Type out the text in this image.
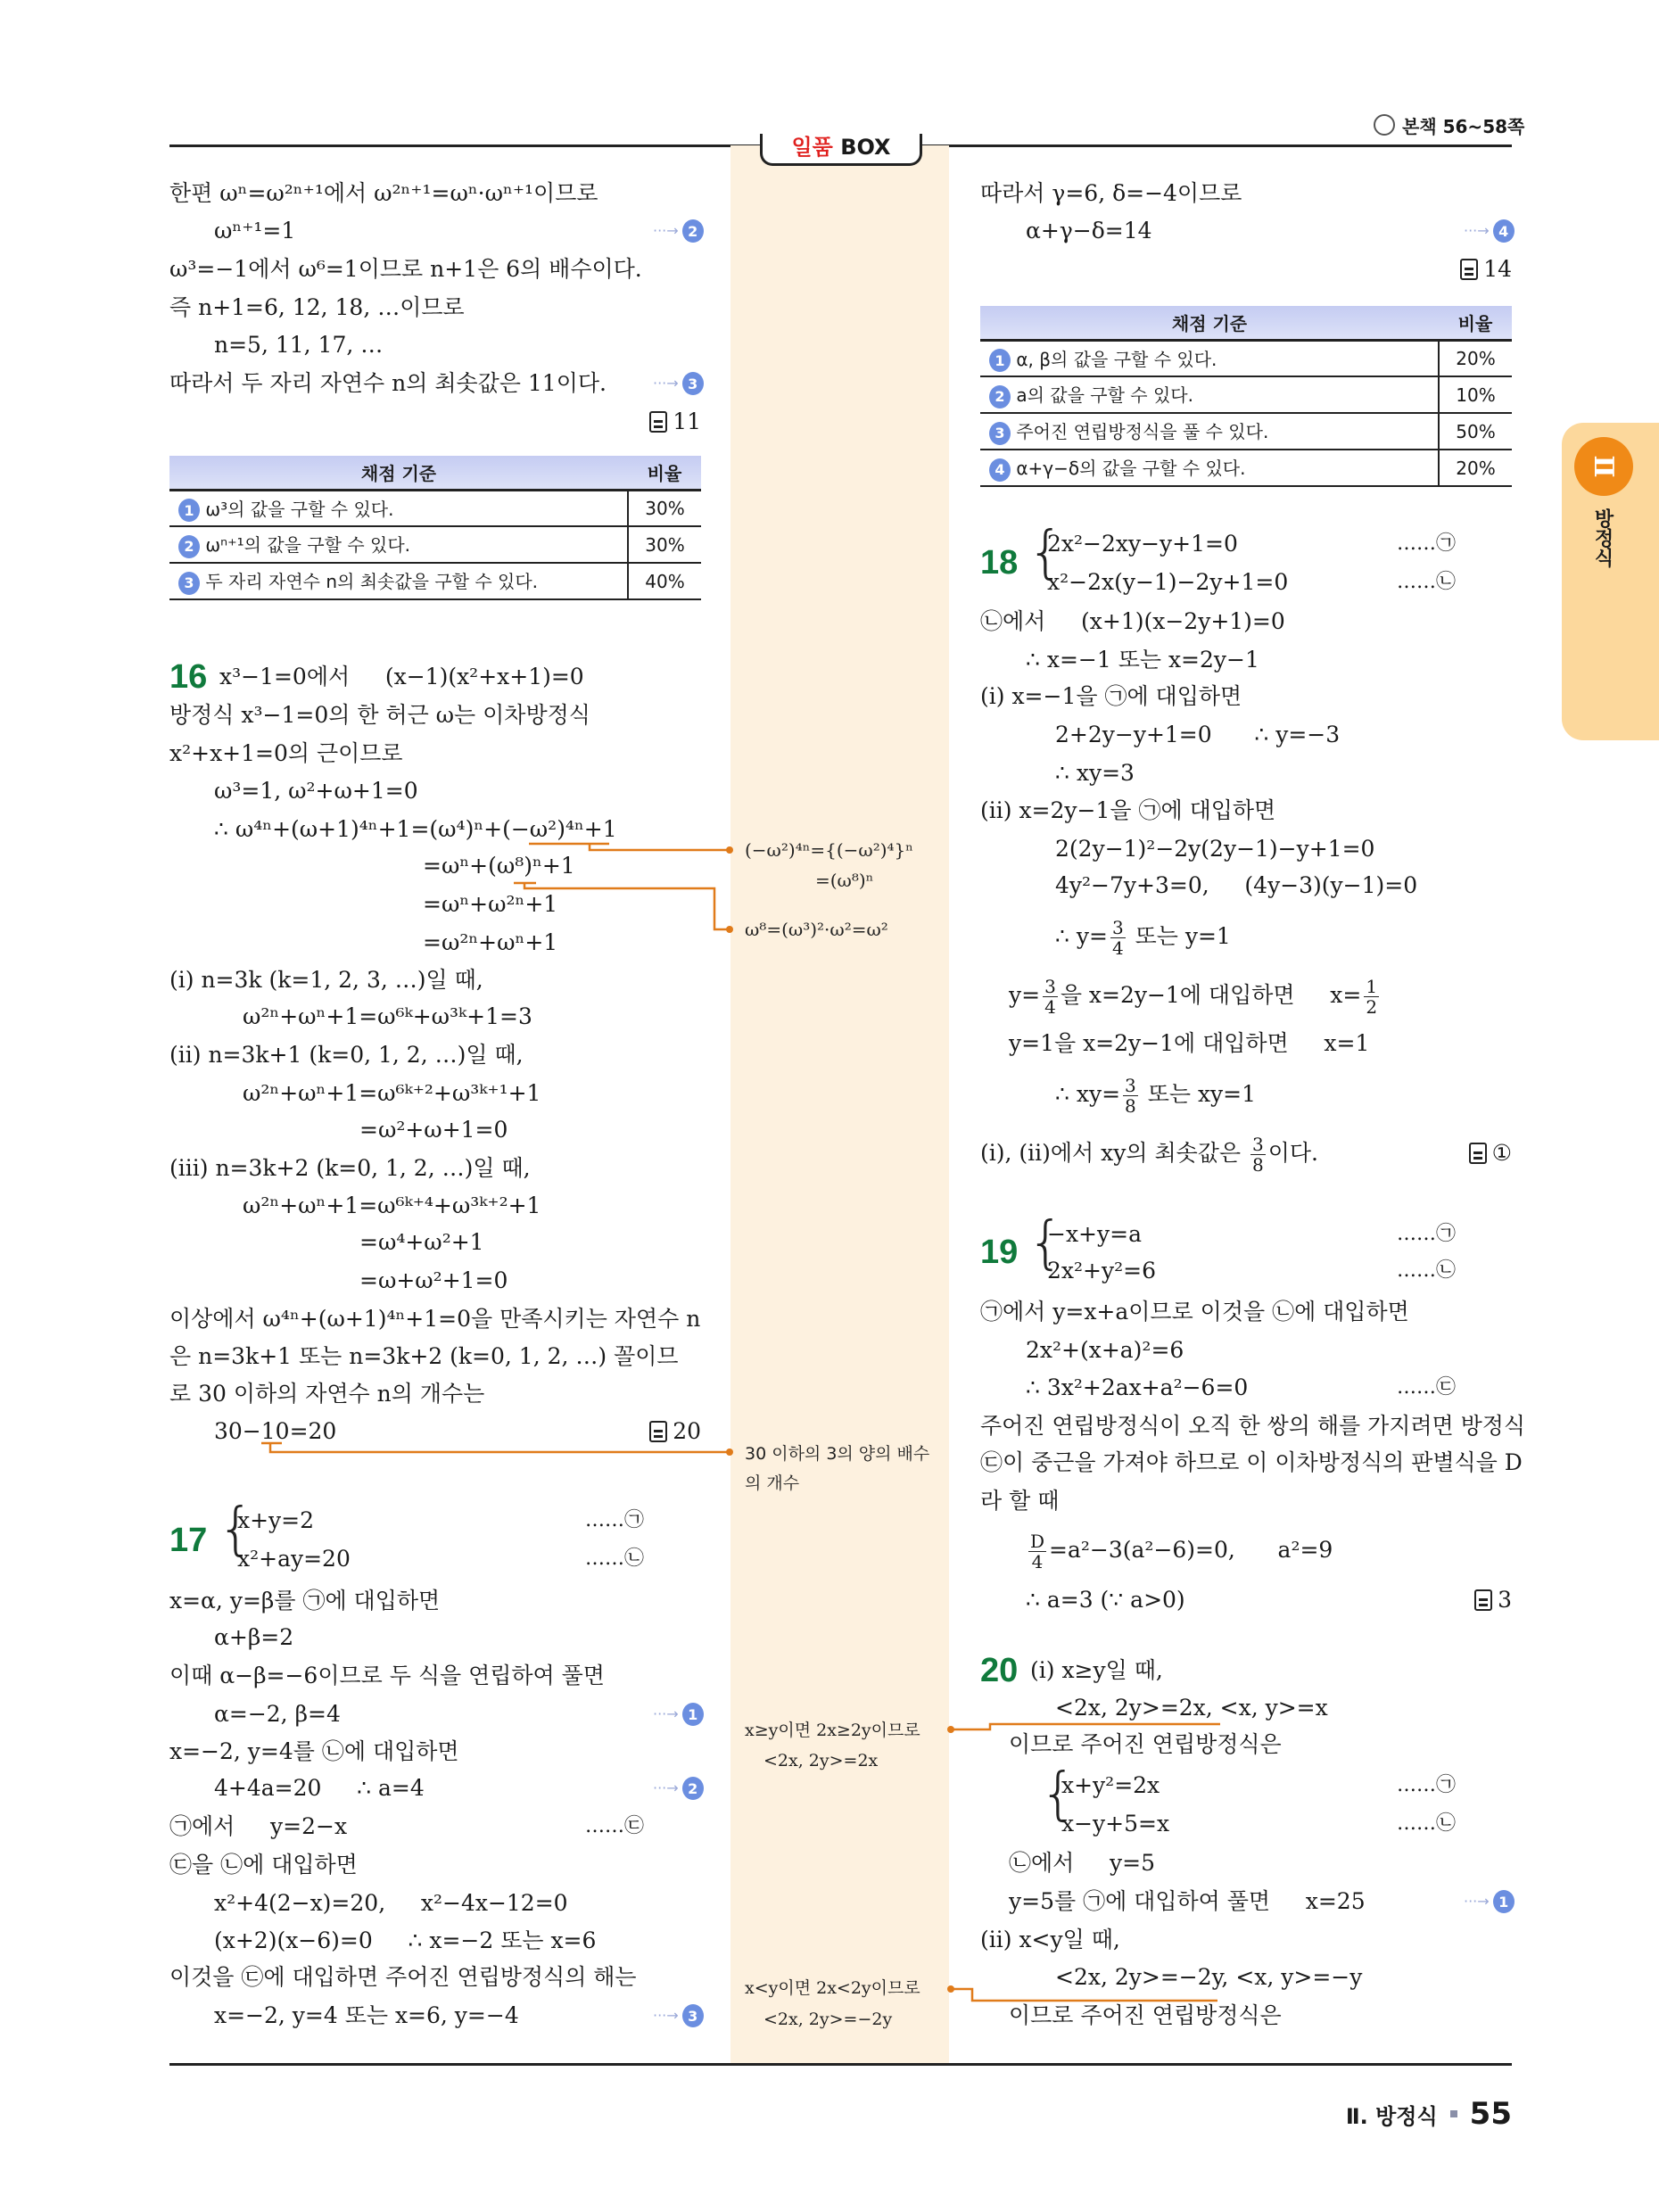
본책 56~58쪽
일품 BOX
Ⅱ
방정식
한편 ωⁿ=ω²ⁿ⁺¹에서 ω²ⁿ⁺¹=ωⁿ·ωⁿ⁺¹이므로
ωⁿ⁺¹=1	···→ 2
ω³=−1에서 ω⁶=1이므로 n+1은 6의 배수이다.
즉 n+1=6, 12, 18, …이므로
n=5, 11, 17, …
따라서 두 자리 자연수 n의 최솟값은 11이다.	···→ 3
11
채점 기준	비율
1 ω³의 값을 구할 수 있다.	30%
2 ωⁿ⁺¹의 값을 구할 수 있다.	30%
3 두 자리 자연수 n의 최솟값을 구할 수 있다.	40%
16 x³−1=0에서     (x−1)(x²+x+1)=0
방정식 x³−1=0의 한 허근 ω는 이차방정식
x²+x+1=0의 근이므로
ω³=1, ω²+ω+1=0
∴ ω⁴ⁿ+(ω+1)⁴ⁿ+1=(ω⁴)ⁿ+(−ω²)⁴ⁿ+1
=ωⁿ+(ω⁸)ⁿ+1
=ωⁿ+ω²ⁿ+1
=ω²ⁿ+ωⁿ+1
(i) n=3k (k=1, 2, 3, …)일 때,
ω²ⁿ+ωⁿ+1=ω⁶ᵏ+ω³ᵏ+1=3
(ii) n=3k+1 (k=0, 1, 2, …)일 때,
ω²ⁿ+ωⁿ+1=ω⁶ᵏ⁺²+ω³ᵏ⁺¹+1
=ω²+ω+1=0
(iii) n=3k+2 (k=0, 1, 2, …)일 때,
ω²ⁿ+ωⁿ+1=ω⁶ᵏ⁺⁴+ω³ᵏ⁺²+1
=ω⁴+ω²+1
=ω+ω²+1=0
이상에서 ω⁴ⁿ+(ω+1)⁴ⁿ+1=0을 만족시키는 자연수 n
은 n=3k+1 또는 n=3k+2 (k=0, 1, 2, …) 꼴이므
로 30 이하의 자연수 n의 개수는
30−10=20	20
17 {
x+y=2
x²+ay=20
……㉠
……㉡
x=α, y=β를 ㉠에 대입하면
α+β=2
이때 α−β=−6이므로 두 식을 연립하여 풀면
α=−2, β=4	···→ 1
x=−2, y=4를 ㉡에 대입하면
4+4a=20     ∴ a=4	···→ 2
㉠에서     y=2−x	……㉢
㉢을 ㉡에 대입하면
x²+4(2−x)=20,     x²−4x−12=0
(x+2)(x−6)=0     ∴ x=−2 또는 x=6
이것을 ㉢에 대입하면 주어진 연립방정식의 해는
x=−2, y=4 또는 x=6, y=−4	···→ 3
(−ω²)⁴ⁿ={(−ω²)⁴}ⁿ
=(ω⁸)ⁿ
ω⁸=(ω³)²·ω²=ω²
30 이하의 3의 양의 배수
의 개수
x≥y이면 2x≥2y이므로
<2x, 2y>=2x
x<y이면 2x<2y이므로
<2x, 2y>=−2y
따라서 γ=6, δ=−4이므로
α+γ−δ=14	···→ 4
14
채점 기준	비율
1 α, β의 값을 구할 수 있다.	20%
2 a의 값을 구할 수 있다.	10%
3 주어진 연립방정식을 풀 수 있다.	50%
4 α+γ−δ의 값을 구할 수 있다.	20%
18 {
2x²−2xy−y+1=0
x²−2x(y−1)−2y+1=0
……㉠
……㉡
㉡에서     (x+1)(x−2y+1)=0
∴ x=−1 또는 x=2y−1
(i) x=−1을 ㉠에 대입하면
2+2y−y+1=0      ∴ y=−3
∴ xy=3
(ii) x=2y−1을 ㉠에 대입하면
2(2y−1)²−2y(2y−1)−y+1=0
4y²−7y+3=0,     (4y−3)(y−1)=0
∴ $y= \frac{3}{4}$ 또는 y=1
$y= \frac{3}{4}$ 을 x=2y−1에 대입하면     $x= \frac{1}{2}$
y=1을 x=2y−1에 대입하면     x=1
∴ $xy= \frac{3}{8}$ 또는 xy=1
(i), (ii)에서 xy의 최솟값은 $\frac{3}{8}$ 이다.	①
19 {
−x+y=a
2x²+y²=6
……㉠
……㉡
㉠에서 y=x+a이므로 이것을 ㉡에 대입하면
2x²+(x+a)²=6
∴ 3x²+2ax+a²−6=0	……㉢
주어진 연립방정식이 오직 한 쌍의 해를 가지려면 방정식
㉢이 중근을 가져야 하므로 이 이차방정식의 판별식을 D
라 할 때
$\frac{D}{4} =a^2-3(a^2-6)=0$,      a²=9
∴ a=3 (∵ a>0)	3
20 (i) x≥y일 때,
<2x, 2y>=2x, <x, y>=x
이므로 주어진 연립방정식은
{
x+y²=2x
x−y+5=x
……㉠
……㉡
㉡에서     y=5
y=5를 ㉠에 대입하여 풀면     x=25	···→ 1
(ii) x<y일 때,
<2x, 2y>=−2y, <x, y>=−y
이므로 주어진 연립방정식은
Ⅱ. 방정식 55
